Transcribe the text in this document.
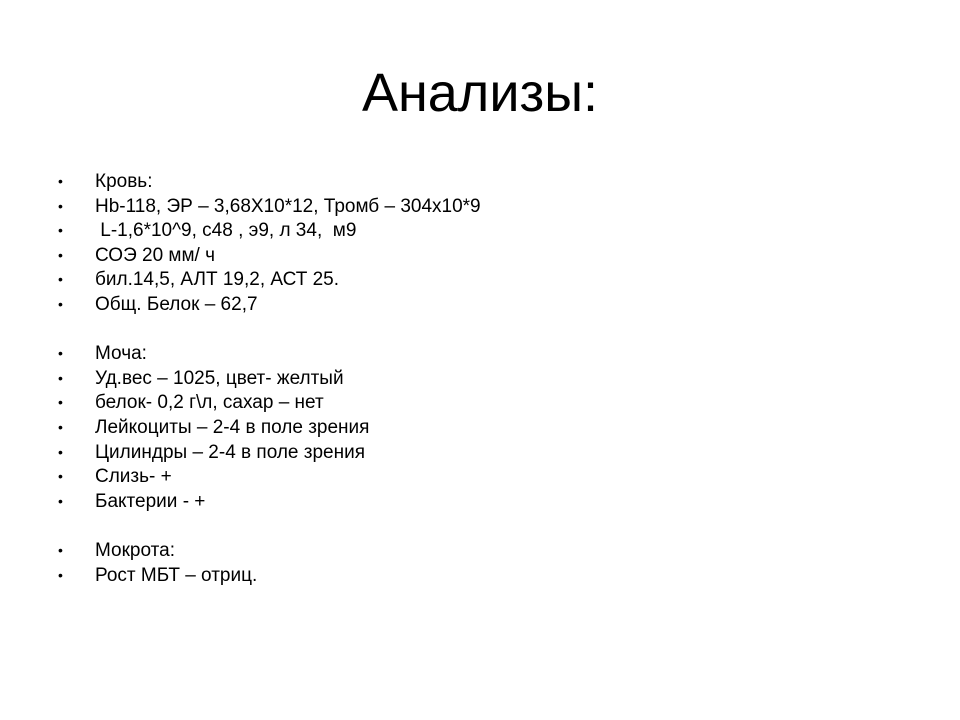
Анализы:

•

Кровь:

•

Hb-118, ЭР – 3,68Х10*12, Тромб – 304х10*9

•

L-1,6*10^9, с48 , э9, л 34,  м9

•

СОЭ 20 мм/ ч

•

бил.14,5, АЛТ 19,2, АСТ 25.

•

Общ. Белок – 62,7

•

Моча:

•

Уд.вес – 1025, цвет- желтый

•

белок- 0,2 г\л, сахар – нет

•

Лейкоциты – 2-4 в поле зрения

•

Цилиндры – 2-4 в поле зрения

•

Слизь- +

•

Бактерии - +

•

Мокрота:

•

Рост МБТ – отриц.
